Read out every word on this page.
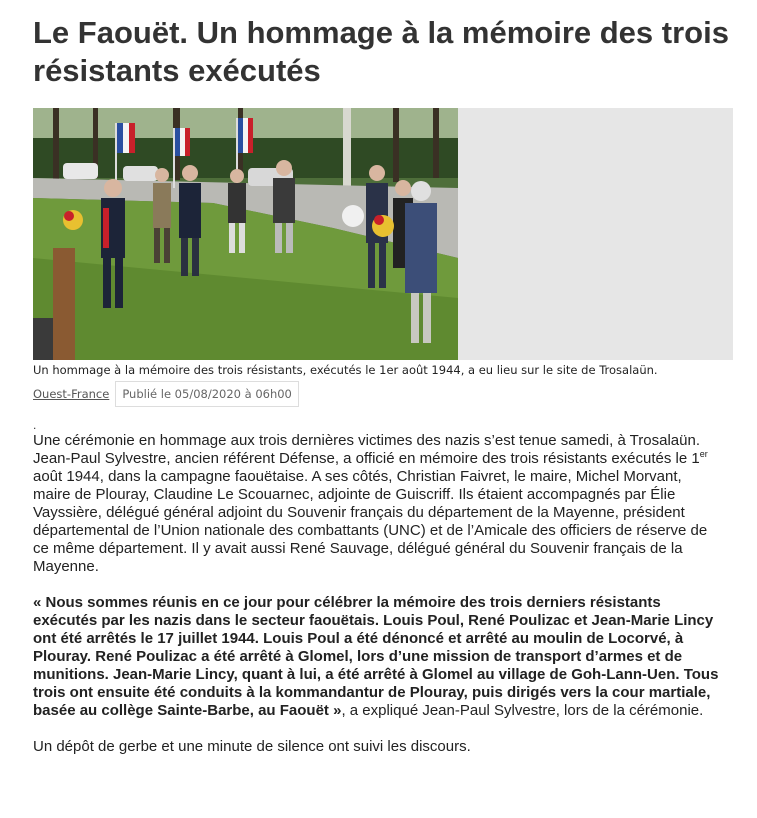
Le Faouët. Un hommage à la mémoire des trois résistants exécutés
Un hommage à la mémoire des trois résistants, exécutés le 1er août 1944, a eu lieu sur le site de Trosalaün.
Ouest-France	Publié le 05/08/2020 à 06h00
.

Une cérémonie en hommage aux trois dernières victimes des nazis s’est tenue samedi, à Trosalaün.
Jean-Paul Sylvestre, ancien référent Défense, a officié en mémoire des trois résistants exécutés le 1er août 1944, dans la campagne faouëtaise. A ses côtés, Christian Faivret, le maire, Michel Morvant, maire de Plouray, Claudine Le Scouarnec, adjointe de Guiscriff. Ils étaient accompagnés par Élie Vayssière, délégué général adjoint du Souvenir français du département de la Mayenne, président départemental de l’Union nationale des combattants (UNC) et de l’Amicale des officiers de réserve de ce même département. Il y avait aussi René Sauvage, délégué général du Souvenir français de la Mayenne.

« Nous sommes réunis en ce jour pour célébrer la mémoire des trois derniers résistants exécutés par les nazis dans le secteur faouëtais. Louis Poul, René Poulizac et Jean-Marie Lincy ont été arrêtés le 17 juillet 1944. Louis Poul a été dénoncé et arrêté au moulin de Locorvé, à Plouray. René Poulizac a été arrêté à Glomel, lors d’une mission de transport d’armes et de munitions. Jean-Marie Lincy, quant à lui, a été arrêté à Glomel au village de Goh-Lann-Uen. Tous trois ont ensuite été conduits à la kommandantur de Plouray, puis dirigés vers la cour martiale, basée au collège Sainte-Barbe, au Faouët », a expliqué Jean-Paul Sylvestre, lors de la cérémonie.

Un dépôt de gerbe et une minute de silence ont suivi les discours.
